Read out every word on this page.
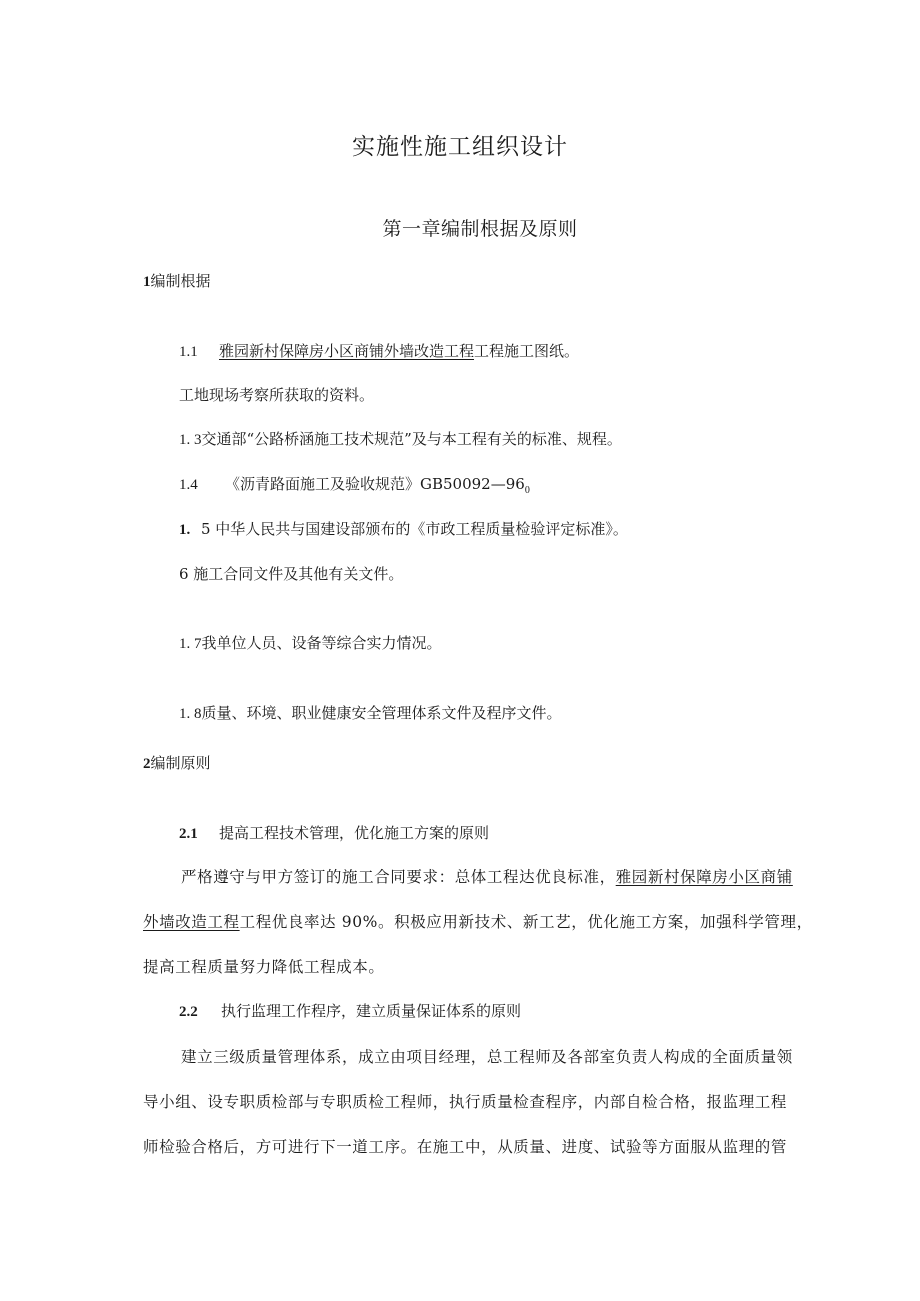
实施性施工组织设计
第一章编制根据及原则
1编制根据
1.1 雅园新村保障房小区商铺外墙改造工程工程施工图纸。
工地现场考察所获取的资料。
1. 3交通部“公路桥涵施工技术规范”及与本工程有关的标准、规程。
1.4 《沥青路面施工及验收规范》$GB50092—96_0$
1. 5 中华人民共与国建设部颁布的《市政工程质量检验评定标准》。
6 施工合同文件及其他有关文件。
1. 7我单位人员、设备等综合实力情况。
1. 8质量、环境、职业健康安全管理体系文件及程序文件。
2编制原则
2.1 提高工程技术管理，优化施工方案的原则
严格遵守与甲方签订的施工合同要求：总体工程达优良标准，雅园新村保障房小区商铺
外墙改造工程工程优良率达 90%。积极应用新技术、新工艺，优化施工方案，加强科学管理，
提高工程质量努力降低工程成本。
2.2 执行监理工作程序，建立质量保证体系的原则
建立三级质量管理体系，成立由项目经理，总工程师及各部室负责人构成的全面质量领
导小组、设专职质检部与专职质检工程师，执行质量检查程序，内部自检合格，报监理工程
师检验合格后，方可进行下一道工序。在施工中，从质量、进度、试验等方面服从监理的管
